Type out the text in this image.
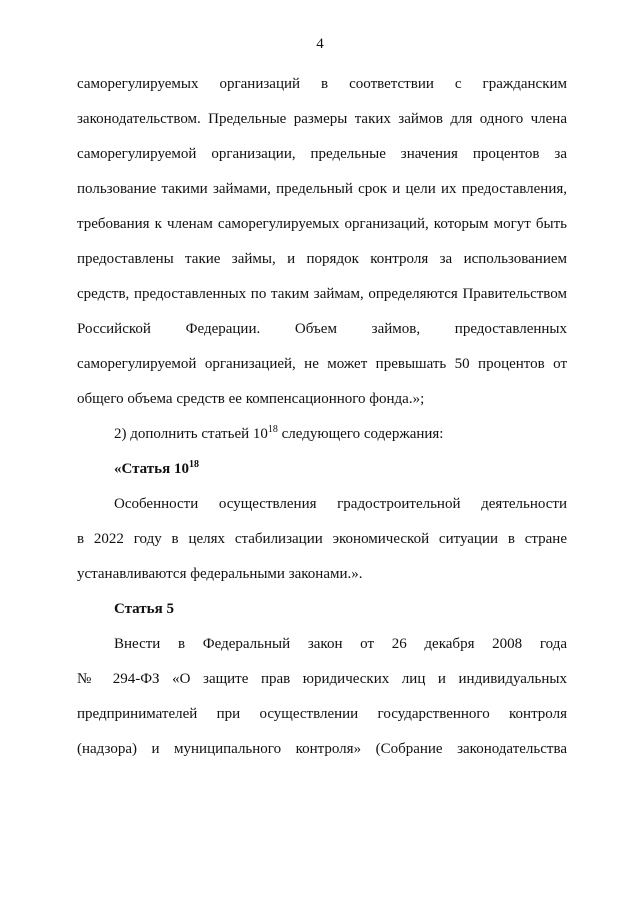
4
саморегулируемых организаций в соответствии с гражданским
законодательством. Предельные размеры таких займов для одного члена
саморегулируемой организации, предельные значения процентов за
пользование такими займами, предельный срок и цели их предоставления,
требования к членам саморегулируемых организаций, которым могут быть
предоставлены такие займы, и порядок контроля за использованием
средств, предоставленных по таким займам, определяются Правительством
Российской Федерации. Объем займов, предоставленных
саморегулируемой организацией, не может превышать 50 процентов от
общего объема средств ее компенсационного фонда.»;
2) дополнить статьей $10^{18}$ следующего содержания:
«Статья $10^{18}$
Особенности осуществления градостроительной деятельности
в 2022 году в целях стабилизации экономической ситуации в стране
устанавливаются федеральными законами.».
Статья 5
Внести в Федеральный закон от 26 декабря 2008 года
№ 294-ФЗ «О защите прав юридических лиц и индивидуальных
предпринимателей при осуществлении государственного контроля
(надзора) и муниципального контроля» (Собрание законодательства
